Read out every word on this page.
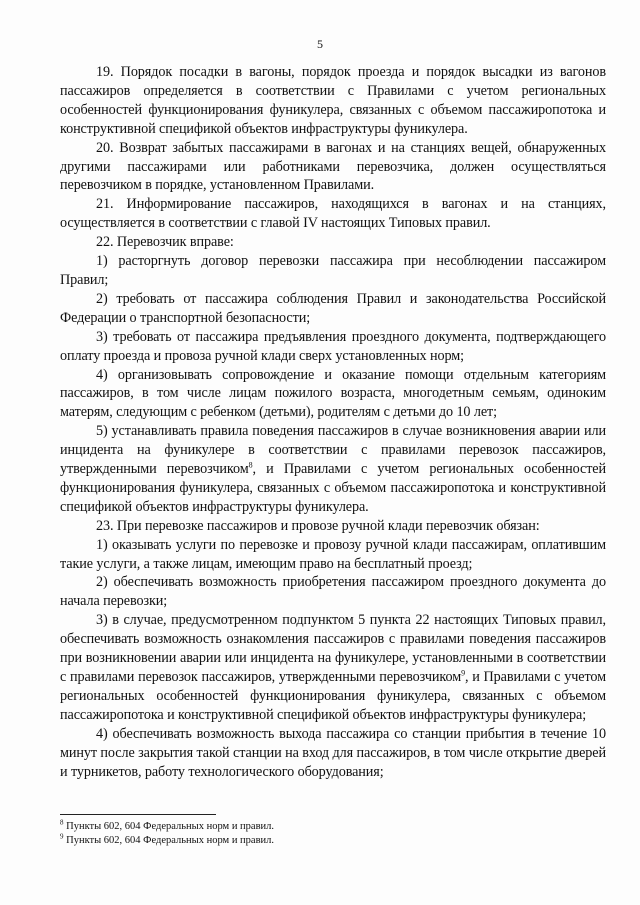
5

19. Порядок посадки в вагоны, порядок проезда и порядок высадки из вагонов пассажиров определяется в соответствии с Правилами с учетом региональных особенностей функционирования фуникулера, связанных с объемом пассажиропотока и конструктивной спецификой объектов инфраструктуры фуникулера.

20. Возврат забытых пассажирами в вагонах и на станциях вещей, обнаруженных другими пассажирами или работниками перевозчика, должен осуществляться перевозчиком в порядке, установленном Правилами.

21. Информирование пассажиров, находящихся в вагонах и на станциях, осуществляется в соответствии с главой IV настоящих Типовых правил.

22. Перевозчик вправе:

1) расторгнуть договор перевозки пассажира при несоблюдении пассажиром Правил;

2) требовать от пассажира соблюдения Правил и законодательства Российской Федерации о транспортной безопасности;

3) требовать от пассажира предъявления проездного документа, подтверждающего оплату проезда и провоза ручной клади сверх установленных норм;

4) организовывать сопровождение и оказание помощи отдельным категориям пассажиров, в том числе лицам пожилого возраста, многодетным семьям, одиноким матерям, следующим с ребенком (детьми), родителям с детьми до 10 лет;

5) устанавливать правила поведения пассажиров в случае возникновения аварии или инцидента на фуникулере в соответствии с правилами перевозок пассажиров, утвержденными перевозчиком$^8$, и Правилами с учетом региональных особенностей функционирования фуникулера, связанных с объемом пассажиропотока и конструктивной спецификой объектов инфраструктуры фуникулера.

23. При перевозке пассажиров и провозе ручной клади перевозчик обязан:

1) оказывать услуги по перевозке и провозу ручной клади пассажирам, оплатившим такие услуги, а также лицам, имеющим право на бесплатный проезд;

2) обеспечивать возможность приобретения пассажиром проездного документа до начала перевозки;

3) в случае, предусмотренном подпунктом 5 пункта 22 настоящих Типовых правил, обеспечивать возможность ознакомления пассажиров с правилами поведения пассажиров при возникновении аварии или инцидента на фуникулере, установленными в соответствии с правилами перевозок пассажиров, утвержденными перевозчиком$^9$, и Правилами с учетом региональных особенностей функционирования фуникулера, связанных с объемом пассажиропотока и конструктивной спецификой объектов инфраструктуры фуникулера;

4) обеспечивать возможность выхода пассажира со станции прибытия в течение 10 минут после закрытия такой станции на вход для пассажиров, в том числе открытие дверей и турникетов, работу технологического оборудования;

$^8$ Пункты 602, 604 Федеральных норм и правил.

$^9$ Пункты 602, 604 Федеральных норм и правил.
